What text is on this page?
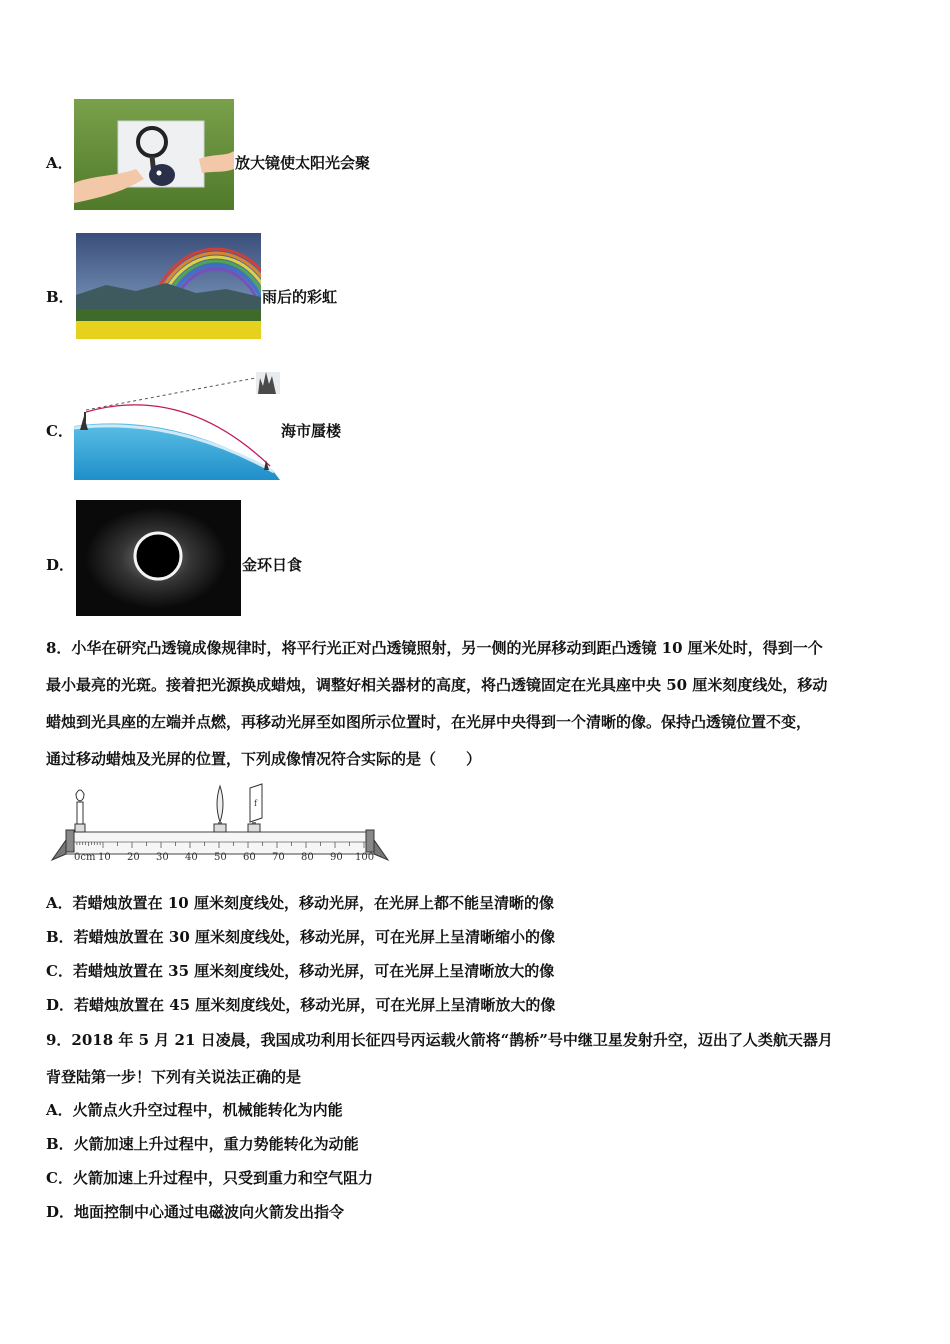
A．	放大镜使太阳光会聚
B．	雨后的彩虹
C．	海市蜃楼
D．	金环日食
8．小华在研究凸透镜成像规律时，将平行光正对凸透镜照射，另一侧的光屏移动到距凸透镜 10 厘米处时，得到一个
最小最亮的光斑。接着把光源换成蜡烛，调整好相关器材的高度，将凸透镜固定在光具座中央 50 厘米刻度线处，移动
蜡烛到光具座的左端并点燃，再移动光屏至如图所示位置时，在光屏中央得到一个清晰的像。保持凸透镜位置不变，
通过移动蜡烛及光屏的位置，下列成像情况符合实际的是（　　）
0cm 10 20 30 40 50 60 70 80 90 100
f
A．若蜡烛放置在 10 厘米刻度线处，移动光屏，在光屏上都不能呈清晰的像
B．若蜡烛放置在 30 厘米刻度线处，移动光屏，可在光屏上呈清晰缩小的像
C．若蜡烛放置在 35 厘米刻度线处，移动光屏，可在光屏上呈清晰放大的像
D．若蜡烛放置在 45 厘米刻度线处，移动光屏，可在光屏上呈清晰放大的像
9．2018 年 5 月 21 日凌晨，我国成功利用长征四号丙运载火箭将“鹊桥”号中继卫星发射升空，迈出了人类航天器月
背登陆第一步！下列有关说法正确的是
A．火箭点火升空过程中，机械能转化为内能
B．火箭加速上升过程中，重力势能转化为动能
C．火箭加速上升过程中，只受到重力和空气阻力
D．地面控制中心通过电磁波向火箭发出指令
